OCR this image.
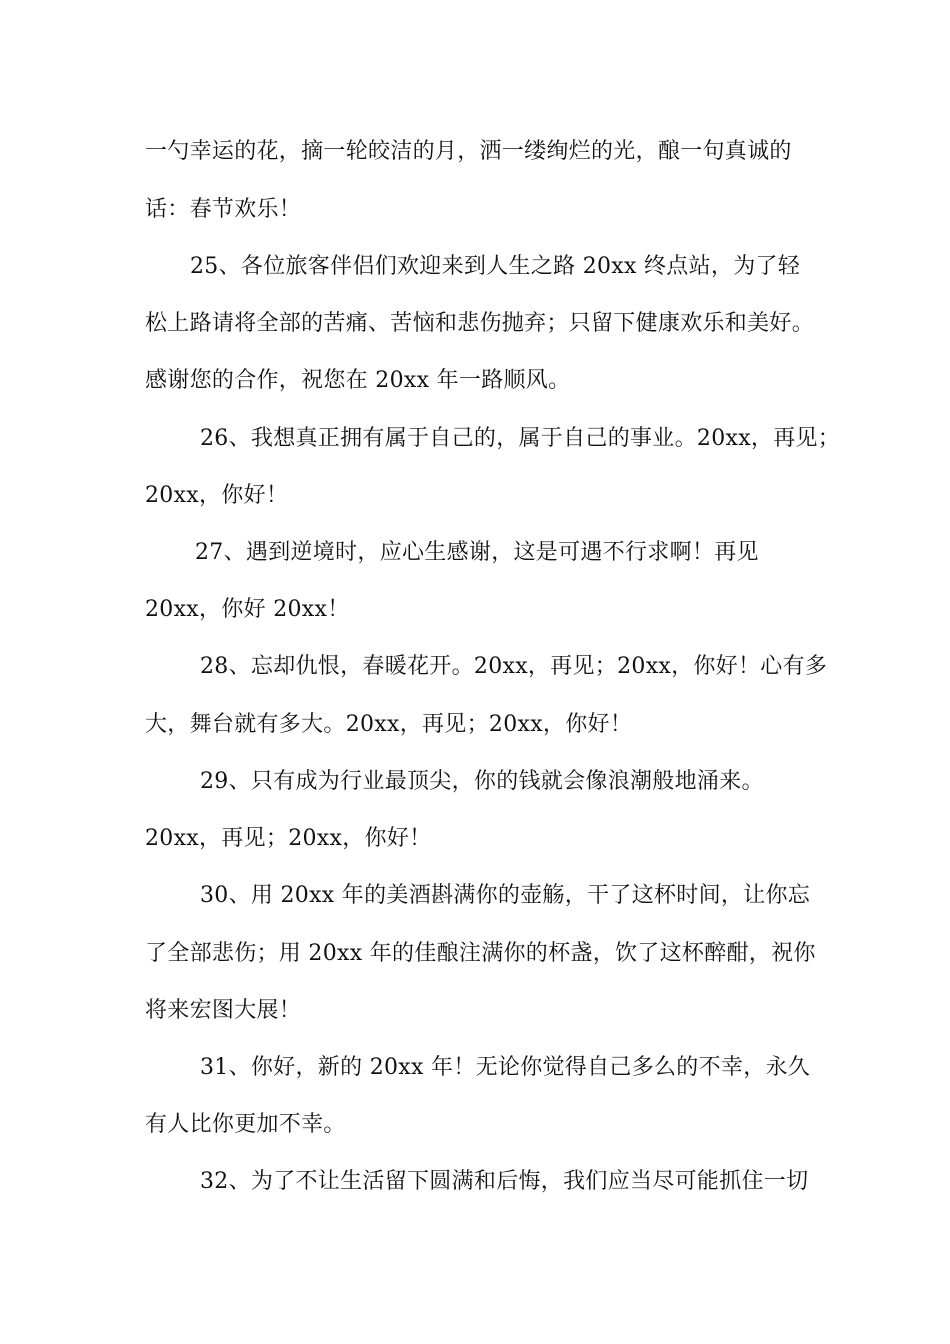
一勺幸运的花，摘一轮皎洁的月，洒一缕绚烂的光，酿一句真诚的
话：春节欢乐！
25、各位旅客伴侣们欢迎来到人生之路 20xx 终点站，为了轻
松上路请将全部的苦痛、苦恼和悲伤抛弃；只留下健康欢乐和美好。
感谢您的合作，祝您在 20xx 年一路顺风。
26、我想真正拥有属于自己的，属于自己的事业。20xx，再见；
20xx，你好！
27、遇到逆境时，应心生感谢，这是可遇不行求啊！再见
20xx，你好 20xx！
28、忘却仇恨，春暖花开。20xx，再见；20xx，你好！心有多
大，舞台就有多大。20xx，再见；20xx，你好！
29、只有成为行业最顶尖，你的钱就会像浪潮般地涌来。
20xx，再见；20xx，你好！
30、用 20xx 年的美酒斟满你的壶觞，干了这杯时间，让你忘
了全部悲伤；用 20xx 年的佳酿注满你的杯盏，饮了这杯醉酣，祝你
将来宏图大展！
31、你好，新的 20xx 年！无论你觉得自己多么的不幸，永久
有人比你更加不幸。
32、为了不让生活留下圆满和后悔，我们应当尽可能抓住一切
